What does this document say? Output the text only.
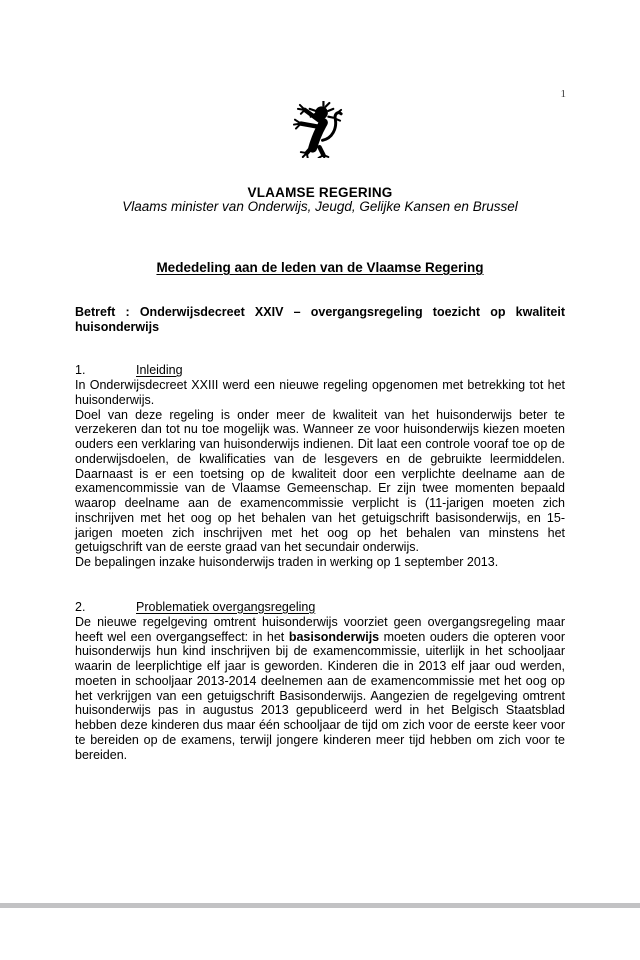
1
VLAAMSE REGERING
Vlaams minister van Onderwijs, Jeugd, Gelijke Kansen en Brussel
Mededeling aan de leden van de Vlaamse Regering

Betreft : Onderwijsdecreet XXIV – overgangsregeling toezicht op kwaliteit huisonderwijs

1.	Inleiding

In Onderwijsdecreet XXIII werd een nieuwe regeling opgenomen met betrekking tot het huisonderwijs.

Doel van deze regeling is onder meer de kwaliteit van het huisonderwijs beter te verzekeren dan tot nu toe mogelijk was. Wanneer ze voor huisonderwijs kiezen moeten ouders een verklaring van huisonderwijs indienen. Dit laat een controle vooraf toe op de onderwijsdoelen, de kwalificaties van de lesgevers en de gebruikte leermiddelen. Daarnaast is er een toetsing op de kwaliteit door een verplichte deelname aan de examencommissie van de Vlaamse Gemeenschap. Er zijn twee momenten bepaald waarop deelname aan de examencommissie verplicht is (11-jarigen moeten zich inschrijven met het oog op het behalen van het getuigschrift basisonderwijs, en 15-jarigen moeten zich inschrijven met het oog op het behalen van minstens het getuigschrift van de eerste graad van het secundair onderwijs.

De bepalingen inzake huisonderwijs traden in werking op 1 september 2013.

2.	Problematiek overgangsregeling

De nieuwe regelgeving omtrent huisonderwijs voorziet geen overgangsregeling maar heeft wel een overgangseffect: in het basisonderwijs moeten ouders die opteren voor huisonderwijs hun kind inschrijven bij de examencommissie, uiterlijk in het schooljaar waarin de leerplichtige elf jaar is geworden. Kinderen die in 2013 elf jaar oud werden, moeten in schooljaar 2013-2014 deelnemen aan de examencommissie met het oog op het verkrijgen van een getuigschrift Basisonderwijs. Aangezien de regelgeving omtrent huisonderwijs pas in augustus 2013 gepubliceerd werd in het Belgisch Staatsblad hebben deze kinderen dus maar één schooljaar de tijd om zich voor de eerste keer voor te bereiden op de examens, terwijl jongere kinderen meer tijd hebben om zich voor te bereiden.
